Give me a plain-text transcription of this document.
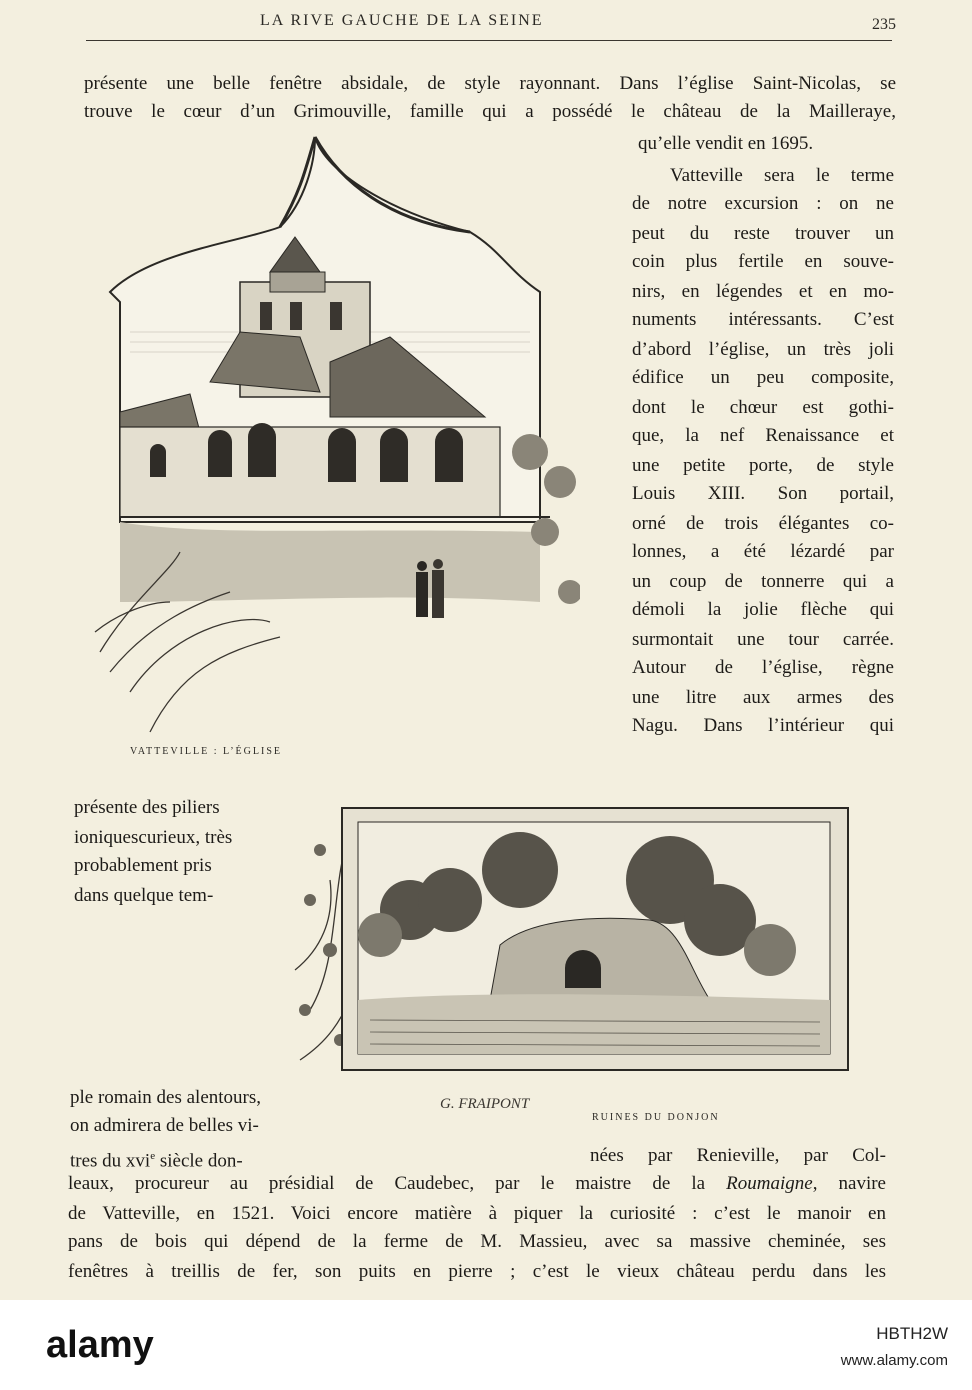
LA RIVE GAUCHE DE LA SEINE	235
présente une belle fenêtre absidale, de style rayonnant. Dans l’église Saint-Nicolas, se
trouve le cœur d’un Grimouville, famille qui a possédé le château de la Mailleraye,
qu’elle vendit en 1695.
Vatteville sera le terme
de notre excursion : on ne
peut du reste trouver un
coin plus fertile en souve-
nirs, en légendes et en mo-
numents intéressants. C’est
d’abord l’église, un très joli
édifice un peu composite,
dont le chœur est gothi-
que, la nef Renaissance et
une petite porte, de style
Louis XIII. Son portail,
orné de trois élégantes co-
lonnes, a été lézardé par
un coup de tonnerre qui a
démoli la jolie flèche qui
surmontait une tour carrée.
Autour de l’église, règne
une litre aux armes des
Nagu. Dans l’intérieur qui
VATTEVILLE : L’ÉGLISE
présente des piliers
ioniquescurieux, très
probablement pris
dans quelque tem-
ple romain des alentours,
on admirera de belles vi-
tres du xvi$^e$ siècle don-	nées par Renieville, par Col-
G. FRAIPONT
RUINES DU DONJON
leaux, procureur au présidial de Caudebec, par le maistre de la Roumaigne, navire
de Vatteville, en 1521. Voici encore matière à piquer la curiosité : c’est le manoir en
pans de bois qui dépend de la ferme de M. Massieu, avec sa massive cheminée, ses
fenêtres à treillis de fer, son puits en pierre ; c’est le vieux château perdu dans les
alamy	HBTH2W
www.alamy.com
